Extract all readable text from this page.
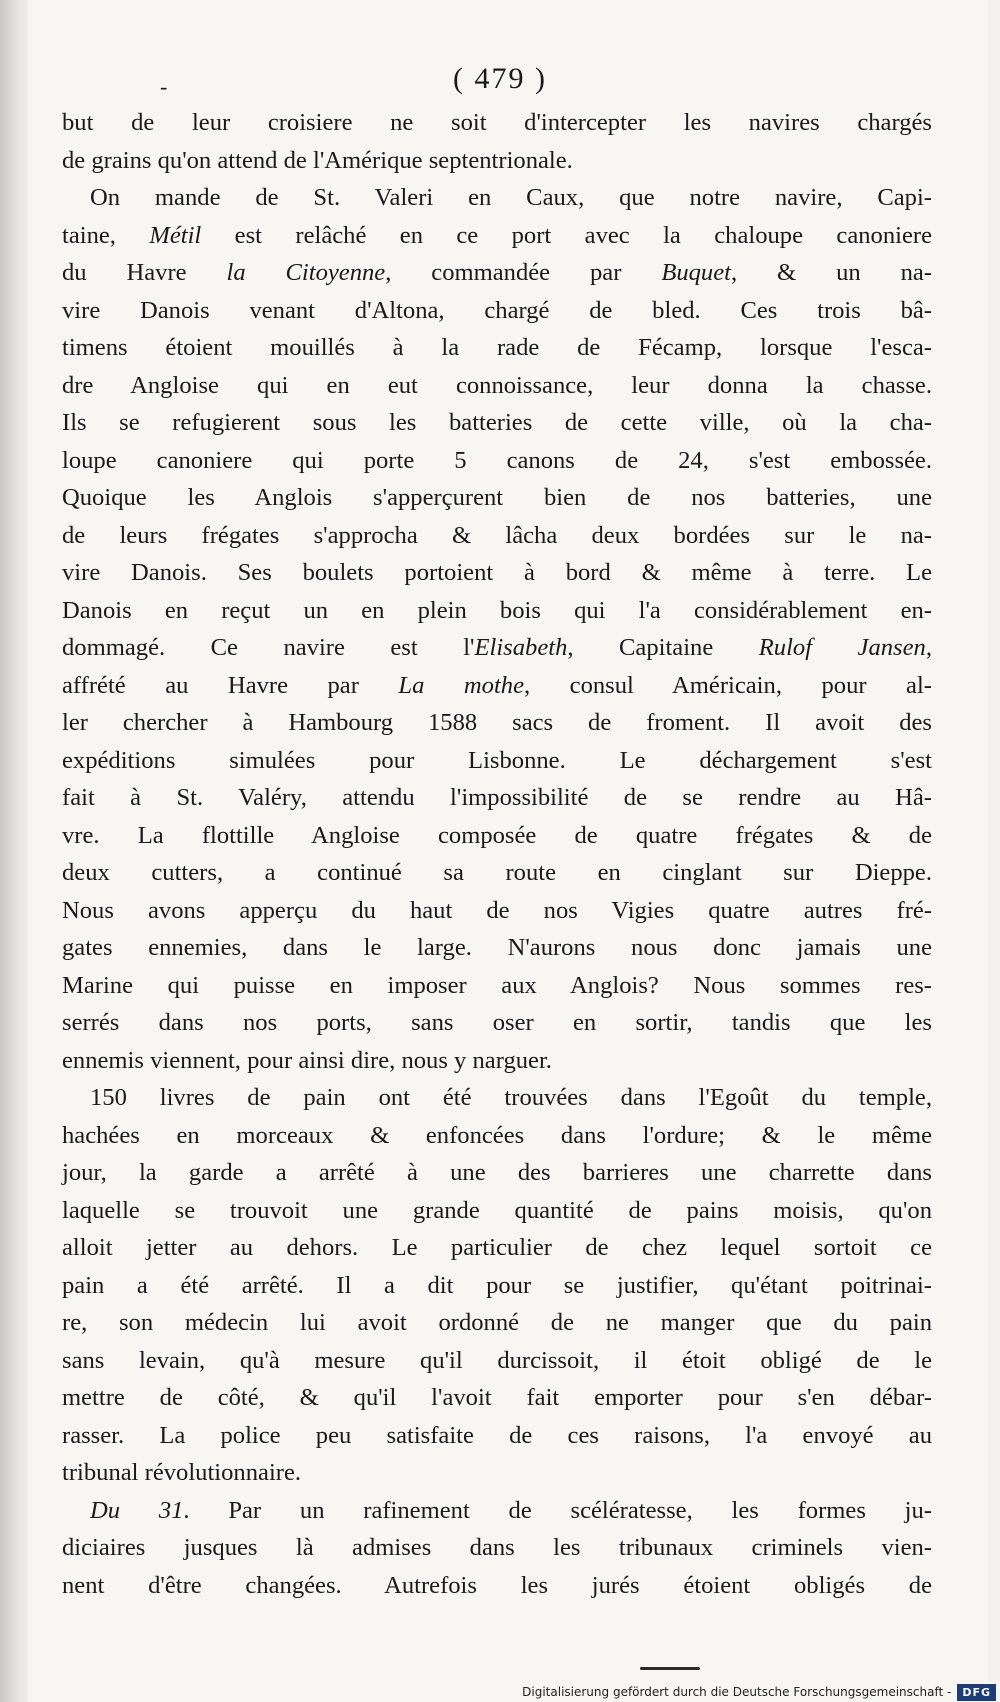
-	( 479 )
but de leur croisiere ne soit d'intercepter les navires chargés
de grains qu'on attend de l'Amérique septentrionale.
On mande de St. Valeri en Caux, que notre navire, Capi-
taine, Métil est relâché en ce port avec la chaloupe canoniere
du Havre la Citoyenne, commandée par Buquet, & un na-
vire Danois venant d'Altona, chargé de bled. Ces trois bâ-
timens étoient mouillés à la rade de Fécamp, lorsque l'esca-
dre Angloise qui en eut connoissance, leur donna la chasse.
Ils se refugierent sous les batteries de cette ville, où la cha-
loupe canoniere qui porte 5 canons de 24, s'est embossée.
Quoique les Anglois s'apperçurent bien de nos batteries, une
de leurs frégates s'approcha & lâcha deux bordées sur le na-
vire Danois. Ses boulets portoient à bord & même à terre. Le
Danois en reçut un en plein bois qui l'a considérablement en-
dommagé. Ce navire est l'Elisabeth, Capitaine Rulof Jansen,
affrété au Havre par La mothe, consul Américain, pour al-
ler chercher à Hambourg 1588 sacs de froment. Il avoit des
expéditions simulées pour Lisbonne. Le déchargement s'est
fait à St. Valéry, attendu l'impossibilité de se rendre au Hâ-
vre. La flottille Angloise composée de quatre frégates & de
deux cutters, a continué sa route en cinglant sur Dieppe.
Nous avons apperçu du haut de nos Vigies quatre autres fré-
gates ennemies, dans le large. N'aurons nous donc jamais une
Marine qui puisse en imposer aux Anglois? Nous sommes res-
serrés dans nos ports, sans oser en sortir, tandis que les
ennemis viennent, pour ainsi dire, nous y narguer.
150 livres de pain ont été trouvées dans l'Egoût du temple,
hachées en morceaux & enfoncées dans l'ordure; & le même
jour, la garde a arrêté à une des barrieres une charrette dans
laquelle se trouvoit une grande quantité de pains moisis, qu'on
alloit jetter au dehors. Le particulier de chez lequel sortoit ce
pain a été arrêté. Il a dit pour se justifier, qu'étant poitrinai-
re, son médecin lui avoit ordonné de ne manger que du pain
sans levain, qu'à mesure qu'il durcissoit, il étoit obligé de le
mettre de côté, & qu'il l'avoit fait emporter pour s'en débar-
rasser. La police peu satisfaite de ces raisons, l'a envoyé au
tribunal révolutionnaire.
Du 31. Par un rafinement de scélératesse, les formes ju-
diciaires jusques là admises dans les tribunaux criminels vien-
nent d'être changées. Autrefois les jurés étoient obligés de
Digitalisierung gefördert durch die Deutsche Forschungsgemeinschaft -	DFG
